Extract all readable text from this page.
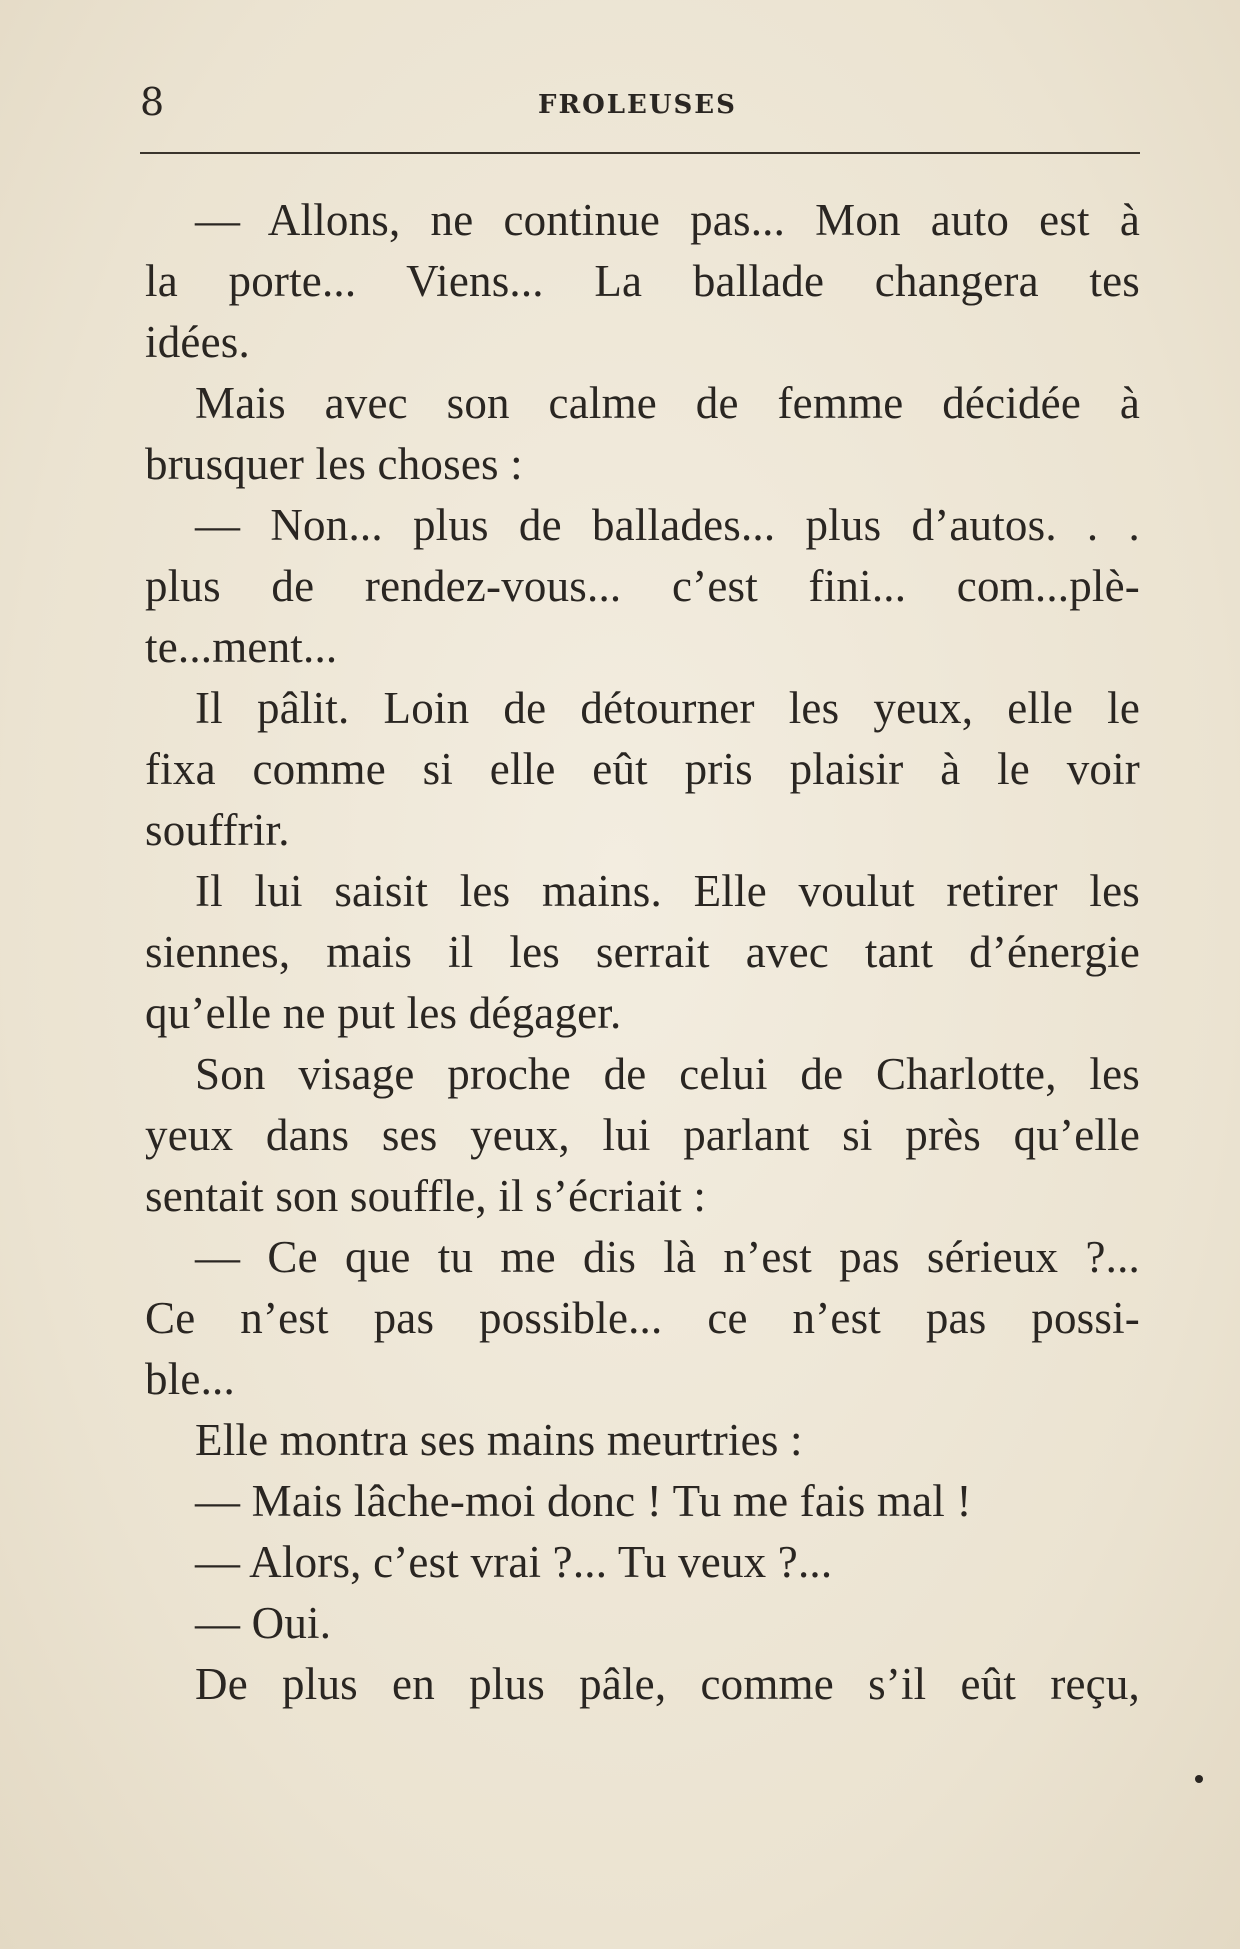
8	FROLEUSES
— Allons, ne continue pas... Mon auto est à
la porte... Viens... La ballade changera tes
idées.
Mais avec son calme de femme décidée à
brusquer les choses :
— Non... plus de ballades... plus d’autos. . .
plus de rendez-vous... c’est fini... com...plè-
te...ment...
Il pâlit. Loin de détourner les yeux, elle le
fixa comme si elle eût pris plaisir à le voir
souffrir.
Il lui saisit les mains. Elle voulut retirer les
siennes, mais il les serrait avec tant d’énergie
qu’elle ne put les dégager.
Son visage proche de celui de Charlotte, les
yeux dans ses yeux, lui parlant si près qu’elle
sentait son souffle, il s’écriait :
— Ce que tu me dis là n’est pas sérieux ?...
Ce n’est pas possible... ce n’est pas possi-
ble...
Elle montra ses mains meurtries :
— Mais lâche-moi donc ! Tu me fais mal !
— Alors, c’est vrai ?... Tu veux ?...
— Oui.
De plus en plus pâle, comme s’il eût reçu,
